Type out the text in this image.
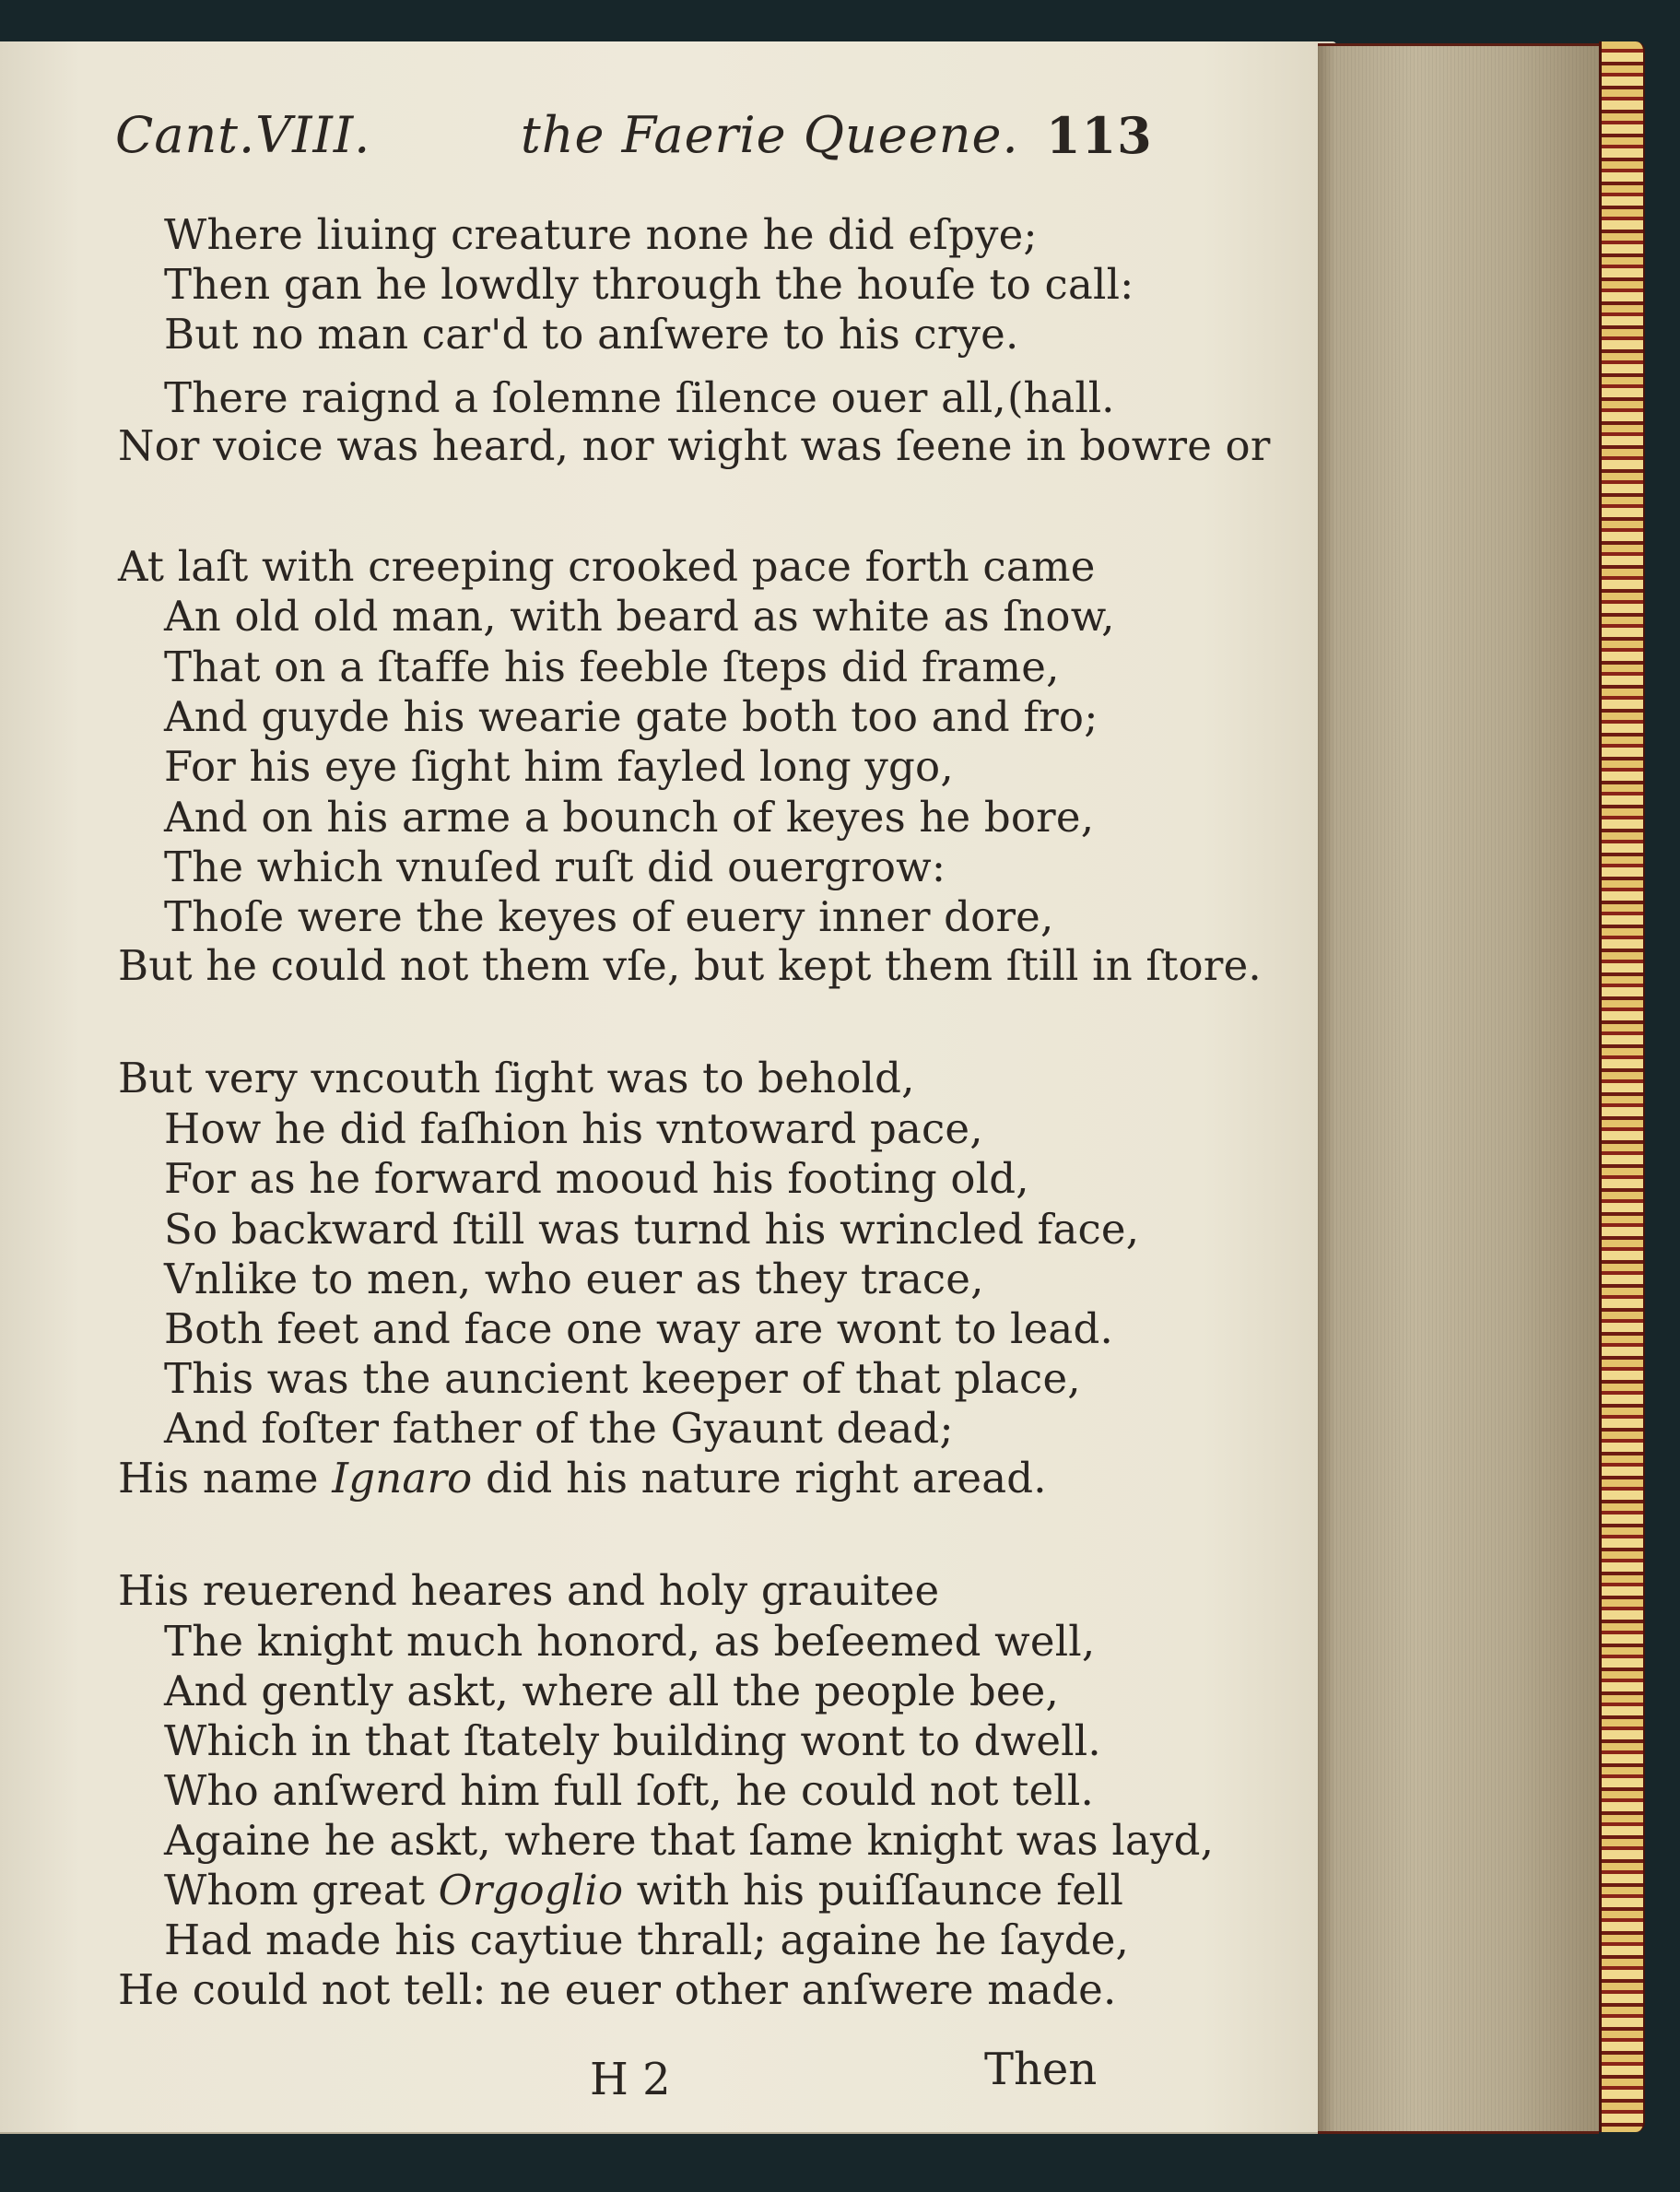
Cant.VIII.	the Faerie Queene. 113
Where liuing creature none he did eſpye;
Then gan he lowdly through the houſe to call:
But no man car'd to anſwere to his crye.
There raignd a ſolemne ſilence ouer all, (hall.
Nor voice was heard, nor wight was ſeene in bowre or
At laſt with creeping crooked pace forth came
An old old man, with beard as white as ſnow,
That on a ſtaffe his feeble ſteps did frame,
And guyde his wearie gate both too and fro;
For his eye ſight him fayled long ygo,
And on his arme a bounch of keyes he bore,
The which vnuſed ruſt did ouergrow:
Thoſe were the keyes of euery inner dore,
But he could not them vſe, but kept them ſtill in ſtore.
But very vncouth ſight was to behold,
How he did faſhion his vntoward pace,
For as he forward mooud his footing old,
So backward ſtill was turnd his wrincled face,
Vnlike to men, who euer as they trace,
Both feet and face one way are wont to lead.
This was the auncient keeper of that place,
And foſter father of the Gyaunt dead;
His name Ignaro did his nature right aread.
His reuerend heares and holy grauitee
The knight much honord, as beſeemed well,
And gently askt, where all the people bee,
Which in that ſtately building wont to dwell.
Who anſwerd him full ſoft, he could not tell.
Againe he askt, where that ſame knight was layd,
Whom great Orgoglio with his puiſſaunce fell
Had made his caytiue thrall; againe he ſayde,
He could not tell: ne euer other anſwere made.
H 2	Then
